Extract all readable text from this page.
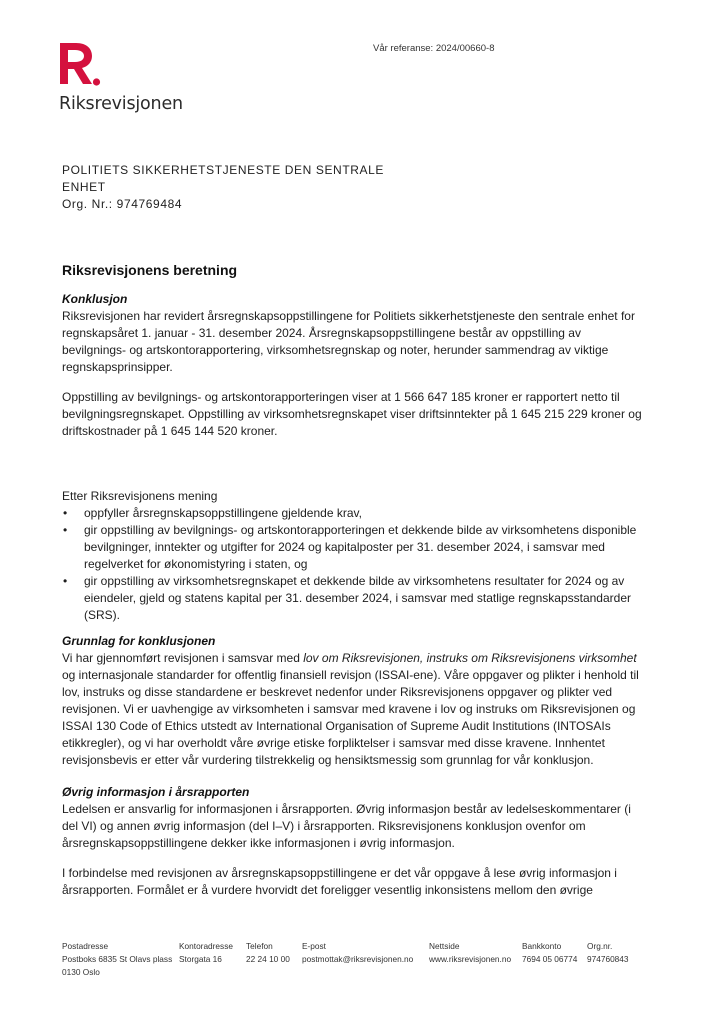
Riksrevisjonen
Vår referanse: 2024/00660-8
POLITIETS SIKKERHETSTJENESTE DEN SENTRALE
ENHET
Org. Nr.: 974769484
Riksrevisjonens beretning
Konklusjon

Riksrevisjonen har revidert årsregnskapsoppstillingene for Politiets sikkerhetstjeneste den sentrale enhet for regnskapsåret 1. januar - 31. desember 2024. Årsregnskapsoppstillingene består av oppstilling av bevilgnings- og artskontorapportering, virksomhetsregnskap og noter, herunder sammendrag av viktige regnskapsprinsipper.

Oppstilling av bevilgnings- og artskontorapporteringen viser at 1 566 647 185 kroner er rapportert netto til bevilgningsregnskapet. Oppstilling av virksomhetsregnskapet viser driftsinntekter på 1 645 215 229 kroner og driftskostnader på 1 645 144 520 kroner.

Etter Riksrevisjonens mening

• oppfyller årsregnskapsoppstillingene gjeldende krav,
• gir oppstilling av bevilgnings- og artskontorapporteringen et dekkende bilde av virksomhetens disponible bevilgninger, inntekter og utgifter for 2024 og kapitalposter per 31. desember 2024, i samsvar med regelverket for økonomistyring i staten, og
• gir oppstilling av virksomhetsregnskapet et dekkende bilde av virksomhetens resultater for 2024 og av eiendeler, gjeld og statens kapital per 31. desember 2024, i samsvar med statlige regnskapsstandarder (SRS).
Grunnlag for konklusjonen

Vi har gjennomført revisjonen i samsvar med lov om Riksrevisjonen, instruks om Riksrevisjonens virksomhet og internasjonale standarder for offentlig finansiell revisjon (ISSAI-ene). Våre oppgaver og plikter i henhold til lov, instruks og disse standardene er beskrevet nedenfor under Riksrevisjonens oppgaver og plikter ved revisjonen. Vi er uavhengige av virksomheten i samsvar med kravene i lov og instruks om Riksrevisjonen og ISSAI 130 Code of Ethics utstedt av International Organisation of Supreme Audit Institutions (INTOSAIs etikkregler), og vi har overholdt våre øvrige etiske forpliktelser i samsvar med disse kravene. Innhentet revisjonsbevis er etter vår vurdering tilstrekkelig og hensiktsmessig som grunnlag for vår konklusjon.

Øvrig informasjon i årsrapporten

Ledelsen er ansvarlig for informasjonen i årsrapporten. Øvrig informasjon består av ledelseskommentarer (i del VI) og annen øvrig informasjon (del I–V) i årsrapporten. Riksrevisjonens konklusjon ovenfor om årsregnskapsoppstillingene dekker ikke informasjonen i øvrig informasjon.

I forbindelse med revisjonen av årsregnskapsoppstillingene er det vår oppgave å lese øvrig informasjon i årsrapporten. Formålet er å vurdere hvorvidt det foreligger vesentlig inkonsistens mellom den øvrige

Postadresse
Postboks 6835 St Olavs plass
0130 Oslo
Kontoradresse
Storgata 16
Telefon
22 24 10 00
E-post
postmottak@riksrevisjonen.no
Nettside
www.riksrevisjonen.no
Bankkonto
7694 05 06774
Org.nr.
974760843
